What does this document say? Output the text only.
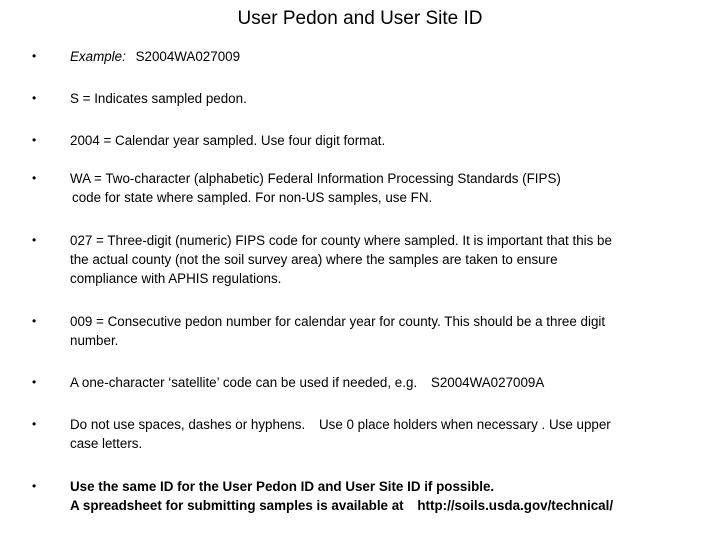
User Pedon and User Site ID
•	Example: S2004WA027009
•	S = Indicates sampled pedon.
•	2004 = Calendar year sampled. Use four digit format.
•	WA = Two-character (alphabetic) Federal Information Processing Standards (FIPS)
code for state where sampled. For non-US samples, use FN.
•	027 = Three-digit (numeric) FIPS code for county where sampled. It is important that this be
the actual county (not the soil survey area) where the samples are taken to ensure
compliance with APHIS regulations.
•	009 = Consecutive pedon number for calendar year for county. This should be a three digit
number.
•	A one-character ‘satellite’ code can be used if needed, e.g. S2004WA027009A
•	Do not use spaces, dashes or hyphens. Use 0 place holders when necessary . Use upper
case letters.
•	Use the same ID for the User Pedon ID and User Site ID if possible.
A spreadsheet for submitting samples is available at http://soils.usda.gov/technical/
